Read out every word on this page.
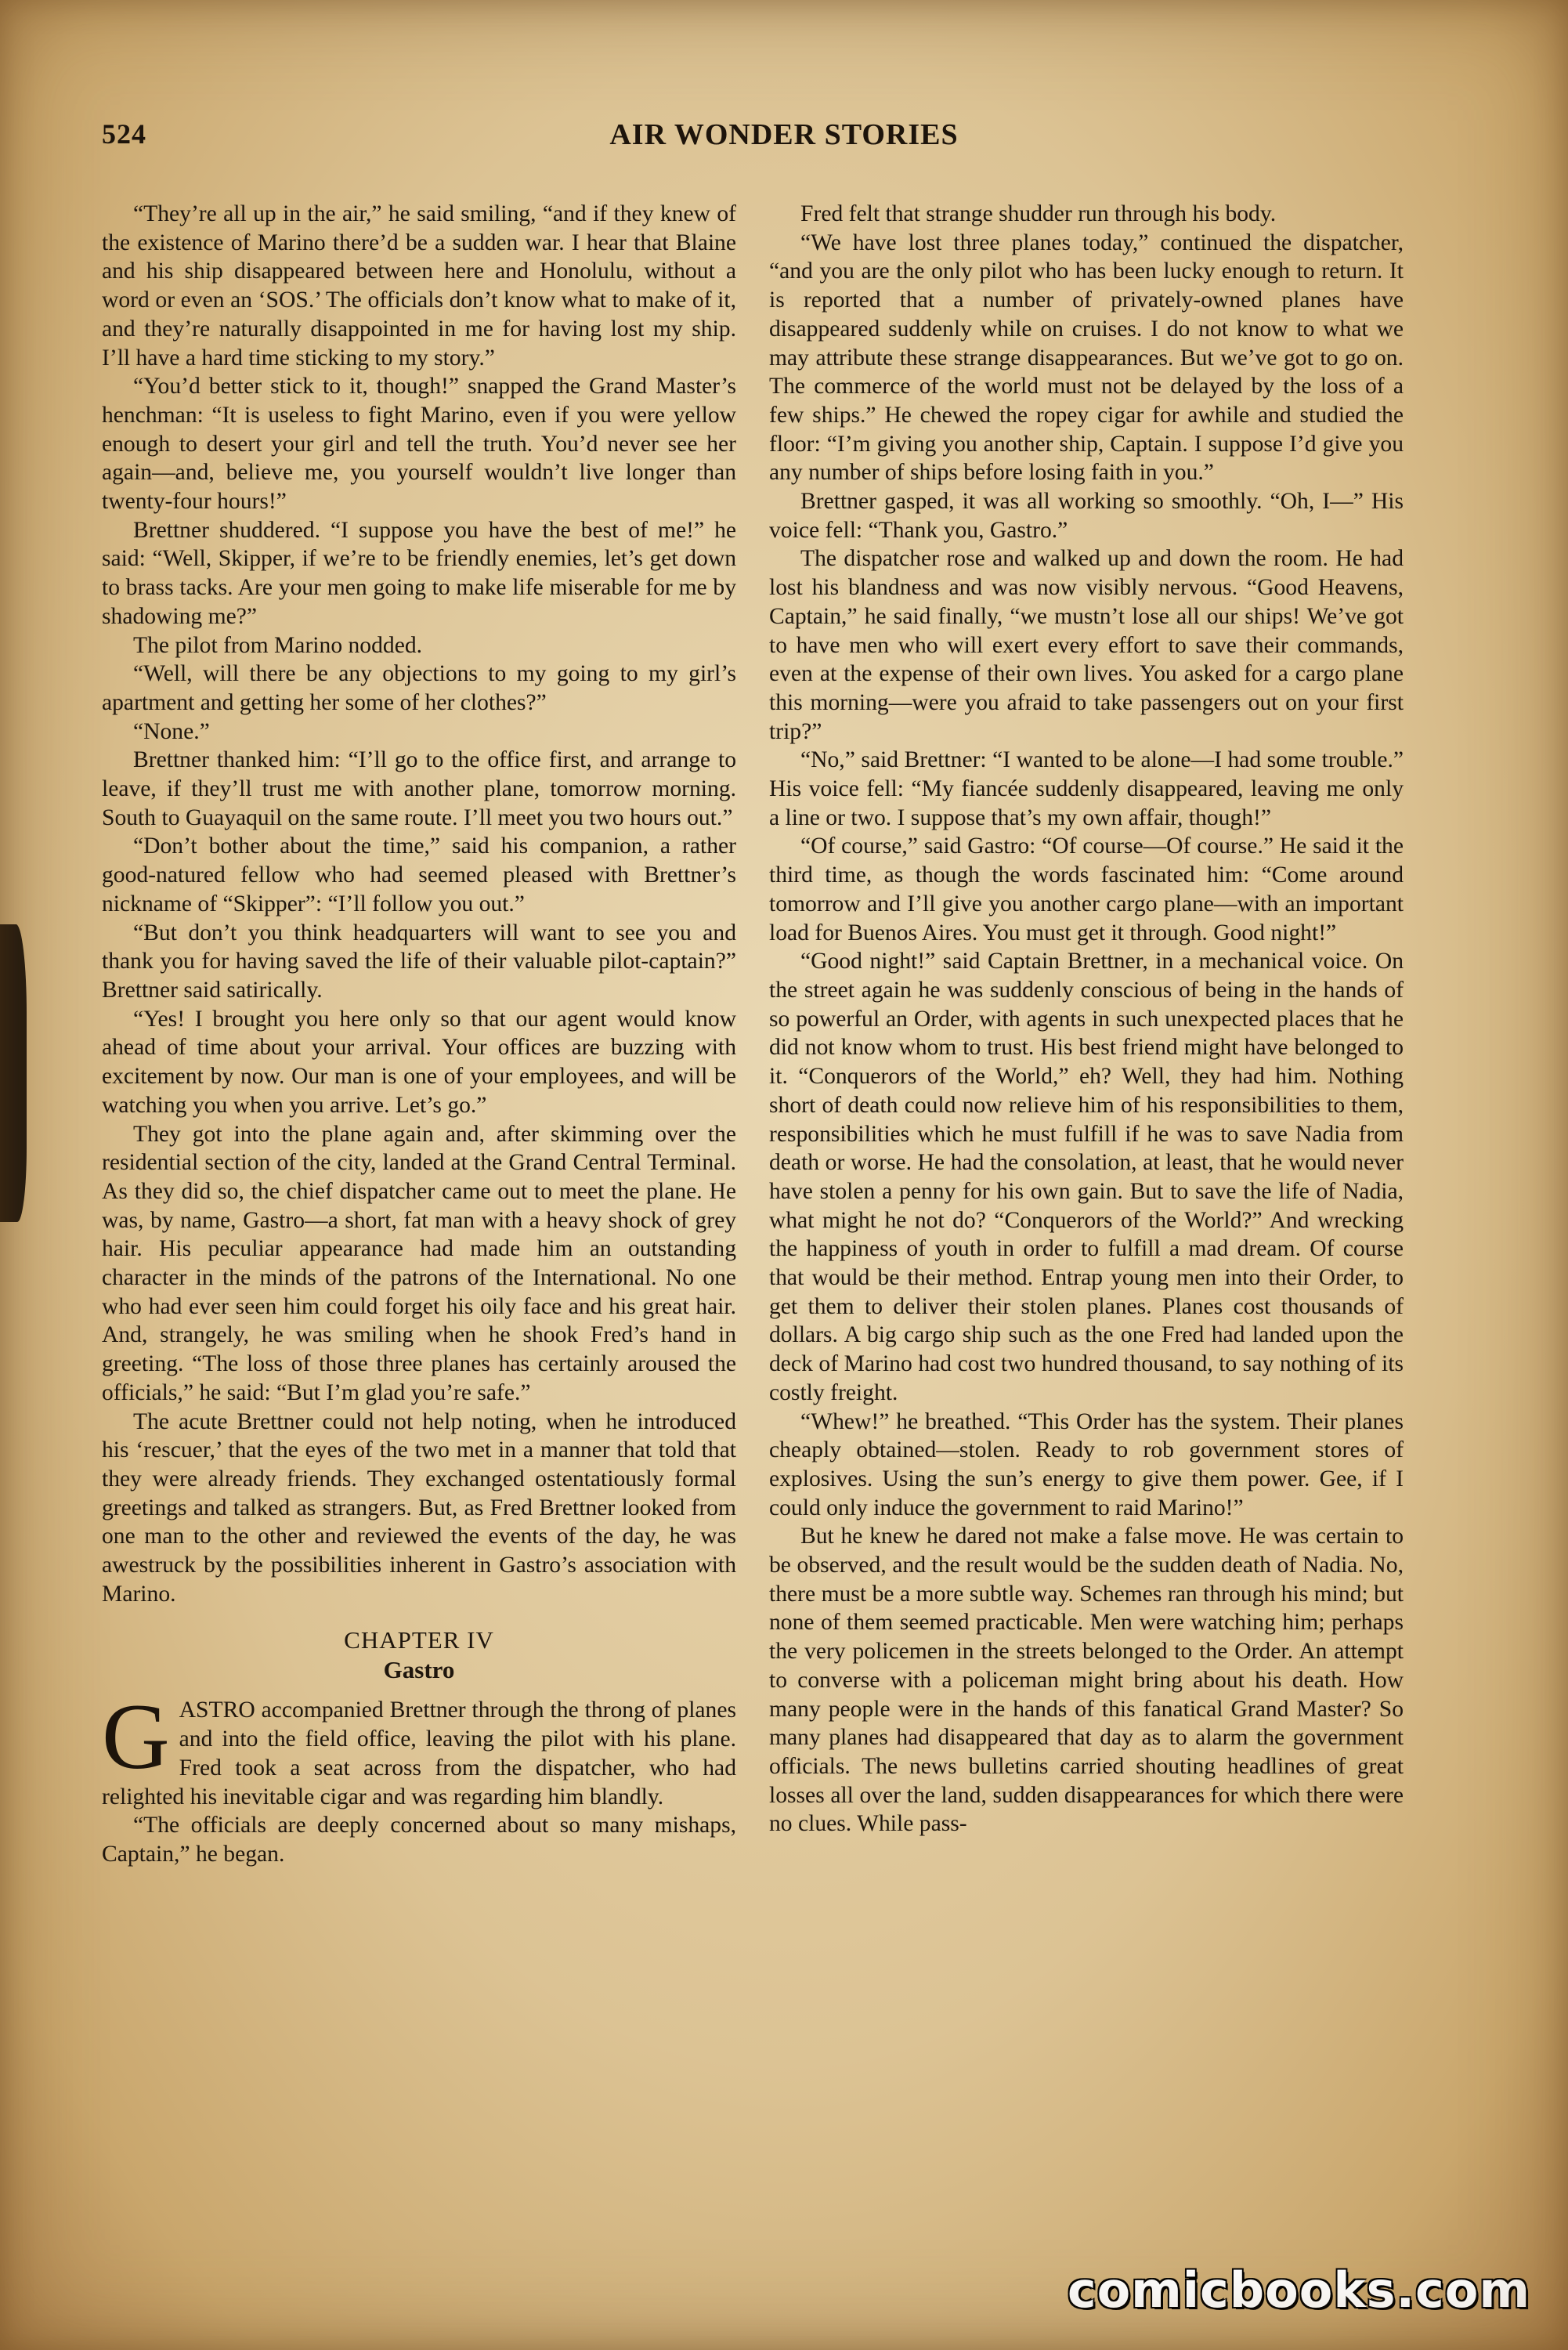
524	AIR WONDER STORIES

“They’re all up in the air,” he said smiling, “and if they knew of the existence of Marino there’d be a sudden war. I hear that Blaine and his ship disappeared between here and Honolulu, without a word or even an ‘SOS.’ The officials don’t know what to make of it, and they’re naturally disappointed in me for having lost my ship. I’ll have a hard time sticking to my story.”

“You’d better stick to it, though!” snapped the Grand Master’s henchman: “It is useless to fight Marino, even if you were yellow enough to desert your girl and tell the truth. You’d never see her again—and, believe me, you yourself wouldn’t live longer than twenty-four hours!”

Brettner shuddered. “I suppose you have the best of me!” he said: “Well, Skipper, if we’re to be friendly enemies, let’s get down to brass tacks. Are your men going to make life miserable for me by shadowing me?”

The pilot from Marino nodded.

“Well, will there be any objections to my going to my girl’s apartment and getting her some of her clothes?”

“None.”

Brettner thanked him: “I’ll go to the office first, and arrange to leave, if they’ll trust me with another plane, tomorrow morning. South to Guayaquil on the same route. I’ll meet you two hours out.”

“Don’t bother about the time,” said his companion, a rather good-natured fellow who had seemed pleased with Brettner’s nickname of “Skipper”: “I’ll follow you out.”

“But don’t you think headquarters will want to see you and thank you for having saved the life of their valuable pilot-captain?” Brettner said satirically.

“Yes! I brought you here only so that our agent would know ahead of time about your arrival. Your offices are buzzing with excitement by now. Our man is one of your employees, and will be watching you when you arrive. Let’s go.”

They got into the plane again and, after skimming over the residential section of the city, landed at the Grand Central Terminal. As they did so, the chief dispatcher came out to meet the plane. He was, by name, Gastro—a short, fat man with a heavy shock of grey hair. His peculiar appearance had made him an outstanding character in the minds of the patrons of the International. No one who had ever seen him could forget his oily face and his great hair. And, strangely, he was smiling when he shook Fred’s hand in greeting. “The loss of those three planes has certainly aroused the officials,” he said: “But I’m glad you’re safe.”

The acute Brettner could not help noting, when he introduced his ‘rescuer,’ that the eyes of the two met in a manner that told that they were already friends. They exchanged ostentatiously formal greetings and talked as strangers. But, as Fred Brettner looked from one man to the other and reviewed the events of the day, he was awestruck by the possibilities inherent in Gastro’s association with Marino.

CHAPTER IV
Gastro

GASTRO accompanied Brettner through the throng of planes and into the field office, leaving the pilot with his plane. Fred took a seat across from the dispatcher, who had relighted his inevitable cigar and was regarding him blandly.

“The officials are deeply concerned about so many mishaps, Captain,” he began.

Fred felt that strange shudder run through his body.

“We have lost three planes today,” continued the dispatcher, “and you are the only pilot who has been lucky enough to return. It is reported that a number of privately-owned planes have disappeared suddenly while on cruises. I do not know to what we may attribute these strange disappearances. But we’ve got to go on. The commerce of the world must not be delayed by the loss of a few ships.” He chewed the ropey cigar for awhile and studied the floor: “I’m giving you another ship, Captain. I suppose I’d give you any number of ships before losing faith in you.”

Brettner gasped, it was all working so smoothly. “Oh, I—” His voice fell: “Thank you, Gastro.”

The dispatcher rose and walked up and down the room. He had lost his blandness and was now visibly nervous. “Good Heavens, Captain,” he said finally, “we mustn’t lose all our ships! We’ve got to have men who will exert every effort to save their commands, even at the expense of their own lives. You asked for a cargo plane this morning—were you afraid to take passengers out on your first trip?”

“No,” said Brettner: “I wanted to be alone—I had some trouble.” His voice fell: “My fiancée suddenly disappeared, leaving me only a line or two. I suppose that’s my own affair, though!”

“Of course,” said Gastro: “Of course—Of course.” He said it the third time, as though the words fascinated him: “Come around tomorrow and I’ll give you another cargo plane—with an important load for Buenos Aires. You must get it through. Good night!”

“Good night!” said Captain Brettner, in a mechanical voice. On the street again he was suddenly conscious of being in the hands of so powerful an Order, with agents in such unexpected places that he did not know whom to trust. His best friend might have belonged to it. “Conquerors of the World,” eh? Well, they had him. Nothing short of death could now relieve him of his responsibilities to them, responsibilities which he must fulfill if he was to save Nadia from death or worse. He had the consolation, at least, that he would never have stolen a penny for his own gain. But to save the life of Nadia, what might he not do? “Conquerors of the World?” And wrecking the happiness of youth in order to fulfill a mad dream. Of course that would be their method. Entrap young men into their Order, to get them to deliver their stolen planes. Planes cost thousands of dollars. A big cargo ship such as the one Fred had landed upon the deck of Marino had cost two hundred thousand, to say nothing of its costly freight.

“Whew!” he breathed. “This Order has the system. Their planes cheaply obtained—stolen. Ready to rob government stores of explosives. Using the sun’s energy to give them power. Gee, if I could only induce the government to raid Marino!”

But he knew he dared not make a false move. He was certain to be observed, and the result would be the sudden death of Nadia. No, there must be a more subtle way. Schemes ran through his mind; but none of them seemed practicable. Men were watching him; perhaps the very policemen in the streets belonged to the Order. An attempt to converse with a policeman might bring about his death. How many people were in the hands of this fanatical Grand Master? So many planes had disappeared that day as to alarm the government officials. The news bulletins carried shouting headlines of great losses all over the land, sudden disappearances for which there were no clues. While pass-

comicbooks.com
